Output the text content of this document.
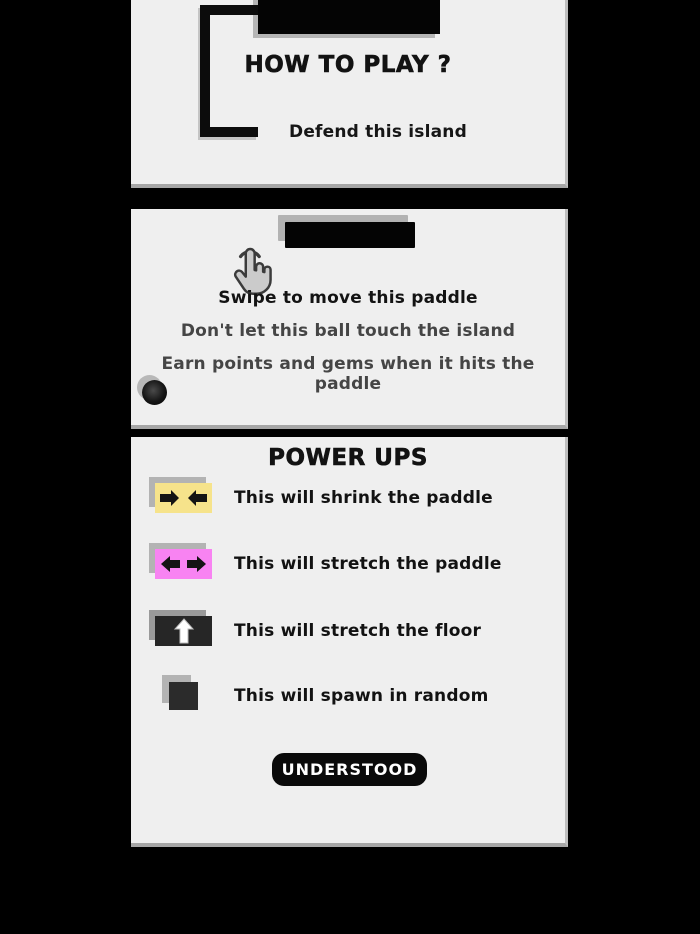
HOW TO PLAY ?
Defend this island
Swipe to move this paddle
Don't let this ball touch the island
Earn points and gems when it hits the paddle
POWER UPS
This will shrink the paddle
This will stretch the paddle
This will stretch the floor
This will spawn in random
UNDERSTOOD
